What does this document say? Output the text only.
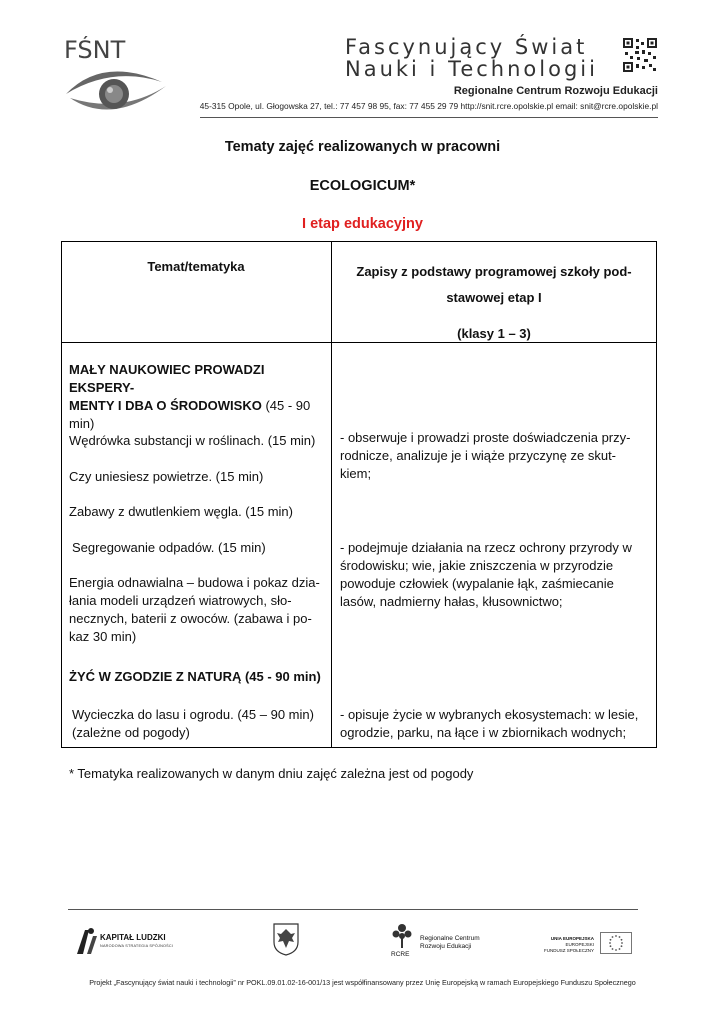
FŚNT	Fascynujący Świat
Nauki i Technologii
Regionalne Centrum Rozwoju Edukacji
45-315 Opole, ul. Głogowska 27, tel.: 77 457 98 95, fax: 77 455 29 79 http://snit.rcre.opolskie.pl email: snit@rcre.opolskie.pl
Tematy zajęć realizowanych w pracowni
ECOLOGICUM*
I etap edukacyjny
Temat/tematyka	Zapisy z podstawy programowej szkoły pod-
stawowej etap I
(klasy 1 – 3)
MAŁY NAUKOWIEC PROWADZI EKSPERY-
MENTY I DBA O ŚRODOWISKO (45 - 90
min)
Wędrówka substancji w roślinach. (15 min)
Czy uniesiesz powietrze. (15 min)
Zabawy z dwutlenkiem węgla. (15 min)
Segregowanie odpadów. (15 min)
Energia odnawialna – budowa i pokaz dzia-
łania modeli urządzeń wiatrowych, sło-
necznych, baterii z owoców. (zabawa i po-
kaz 30 min)
ŻYĆ W ZGODZIE Z NATURĄ (45 - 90 min)
Wycieczka do lasu i ogrodu. (45 – 90 min)
(zależne od pogody)
- obserwuje i prowadzi proste doświadczenia przy-
rodnicze, analizuje je i wiąże przyczynę ze skut-
kiem;
- podejmuje działania na rzecz ochrony przyrody w
środowisku; wie, jakie zniszczenia w przyrodzie
powoduje człowiek (wypalanie łąk, zaśmiecanie
lasów, nadmierny hałas, kłusownictwo;
- opisuje życie w wybranych ekosystemach: w lesie,
ogrodzie, parku, na łące i w zbiornikach wodnych;
* Tematyka realizowanych w danym dniu zajęć zależna jest od pogody
KAPITAŁ LUDZKI
NARODOWA STRATEGIA SPÓJNOŚCI
RCRE
Regionalne Centrum
Rozwoju Edukacji
UNIA EUROPEJSKA
EUROPEJSKI
FUNDUSZ SPOŁECZNY
Projekt „Fascynujący świat nauki i technologii” nr POKL.09.01.02-16-001/13 jest współfinansowany przez Unię Europejską w ramach Europejskiego Funduszu Społecznego
